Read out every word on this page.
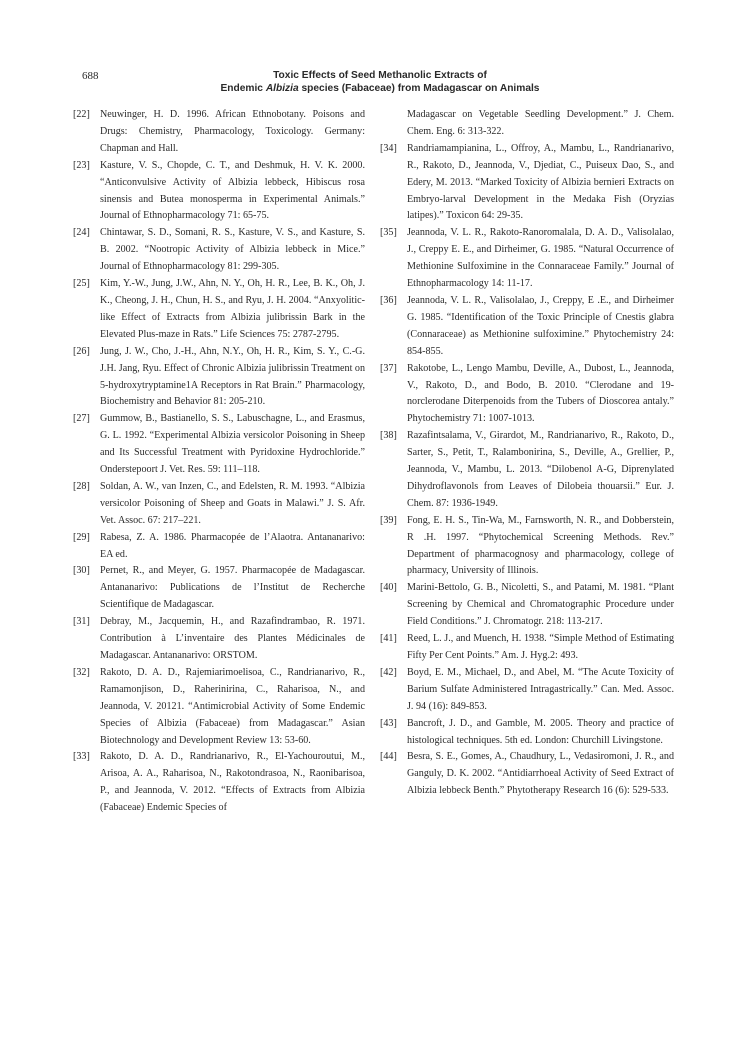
688	Toxic Effects of Seed Methanolic Extracts of
Endemic Albizia species (Fabaceae) from Madagascar on Animals
[22] Neuwinger, H. D. 1996. African Ethnobotany. Poisons and Drugs: Chemistry, Pharmacology, Toxicology. Germany: Chapman and Hall.
[23] Kasture, V. S., Chopde, C. T., and Deshmuk, H. V. K. 2000. “Anticonvulsive Activity of Albizia lebbeck, Hibiscus rosa sinensis and Butea monosperma in Experimental Animals.” Journal of Ethnopharmacology 71: 65-75.
[24] Chintawar, S. D., Somani, R. S., Kasture, V. S., and Kasture, S. B. 2002. “Nootropic Activity of Albizia lebbeck in Mice.” Journal of Ethnopharmacology 81: 299-305.
[25] Kim, Y.-W., Jung, J.W., Ahn, N. Y., Oh, H. R., Lee, B. K., Oh, J. K., Cheong, J. H., Chun, H. S., and Ryu, J. H. 2004. “Anxyolitic-like Effect of Extracts from Albizia julibrissin Bark in the Elevated Plus-maze in Rats.” Life Sciences 75: 2787-2795.
[26] Jung, J. W., Cho, J.-H., Ahn, N.Y., Oh, H. R., Kim, S. Y., C.-G. J.H. Jang, Ryu. Effect of Chronic Albizia julibrissin Treatment on 5-hydroxytryptamine1A Receptors in Rat Brain.” Pharmacology, Biochemistry and Behavior 81: 205-210.
[27] Gummow, B., Bastianello, S. S., Labuschagne, L., and Erasmus, G. L. 1992. “Experimental Albizia versicolor Poisoning in Sheep and Its Successful Treatment with Pyridoxine Hydrochloride.” Onderstepoort J. Vet. Res. 59: 111–118.
[28] Soldan, A. W., van Inzen, C., and Edelsten, R. M. 1993. “Albizia versicolor Poisoning of Sheep and Goats in Malawi.” J. S. Afr. Vet. Assoc. 67: 217–221.
[29] Rabesa, Z. A. 1986. Pharmacopée de l’Alaotra. Antananarivo: EA ed.
[30] Pernet, R., and Meyer, G. 1957. Pharmacopée de Madagascar. Antananarivo: Publications de l’Institut de Recherche Scientifique de Madagascar.
[31] Debray, M., Jacquemin, H., and Razafindrambao, R. 1971. Contribution à L’inventaire des Plantes Médicinales de Madagascar. Antananarivo: ORSTOM.
[32] Rakoto, D. A. D., Rajemiarimoelisoa, C., Randrianarivo, R., Ramamonjison, D., Raherinirina, C., Raharisoa, N., and Jeannoda, V. 20121. “Antimicrobial Activity of Some Endemic Species of Albizia (Fabaceae) from Madagascar.” Asian Biotechnology and Development Review 13: 53-60.
[33] Rakoto, D. A. D., Randrianarivo, R., El-Yachouroutui, M., Arisoa, A. A., Raharisoa, N., Rakotondrasoa, N., Raonibarisoa, P., and Jeannoda, V. 2012. “Effects of Extracts from Albizia (Fabaceae) Endemic Species of
Madagascar on Vegetable Seedling Development.” J. Chem. Chem. Eng. 6: 313-322.
[34] Randriamampianina, L., Offroy, A., Mambu, L., Randrianarivo, R., Rakoto, D., Jeannoda, V., Djediat, C., Puiseux Dao, S., and Edery, M. 2013. “Marked Toxicity of Albizia bernieri Extracts on Embryo-larval Development in the Medaka Fish (Oryzias latipes).” Toxicon 64: 29-35.
[35] Jeannoda, V. L. R., Rakoto-Ranoromalala, D. A. D., Valisolalao, J., Creppy E. E., and Dirheimer, G. 1985. “Natural Occurrence of Methionine Sulfoximine in the Connaraceae Family.” Journal of Ethnopharmacology 14: 11-17.
[36] Jeannoda, V. L. R., Valisolalao, J., Creppy, E .E., and Dirheimer G. 1985. “Identification of the Toxic Principle of Cnestis glabra (Connaraceae) as Methionine sulfoximine.” Phytochemistry 24: 854-855.
[37] Rakotobe, L., Lengo Mambu, Deville, A., Dubost, L., Jeannoda, V., Rakoto, D., and Bodo, B. 2010. “Clerodane and 19-norclerodane Diterpenoids from the Tubers of Dioscorea antaly.” Phytochemistry 71: 1007-1013.
[38] Razafintsalama, V., Girardot, M., Randrianarivo, R., Rakoto, D., Sarter, S., Petit, T., Ralambonirina, S., Deville, A., Grellier, P., Jeannoda, V., Mambu, L. 2013. “Dilobenol A-G, Diprenylated Dihydroflavonols from Leaves of Dilobeia thouarsii.” Eur. J. Chem. 87: 1936-1949.
[39] Fong, E. H. S., Tin-Wa, M., Farnsworth, N. R., and Dobberstein, R .H. 1997. “Phytochemical Screening Methods. Rev.” Department of pharmacognosy and pharmacology, college of pharmacy, University of Illinois.
[40] Marini-Bettolo, G. B., Nicoletti, S., and Patami, M. 1981. “Plant Screening by Chemical and Chromatographic Procedure under Field Conditions.” J. Chromatogr. 218: 113-217.
[41] Reed, L. J., and Muench, H. 1938. “Simple Method of Estimating Fifty Per Cent Points.” Am. J. Hyg.2: 493.
[42] Boyd, E. M., Michael, D., and Abel, M. “The Acute Toxicity of Barium Sulfate Administered Intragastrically.” Can. Med. Assoc. J. 94 (16): 849-853.
[43] Bancroft, J. D., and Gamble, M. 2005. Theory and practice of histological techniques. 5th ed. London: Churchill Livingstone.
[44] Besra, S. E., Gomes, A., Chaudhury, L., Vedasiromoni, J. R., and Ganguly, D. K. 2002. “Antidiarrhoeal Activity of Seed Extract of Albizia lebbeck Benth.” Phytotherapy Research 16 (6): 529-533.
